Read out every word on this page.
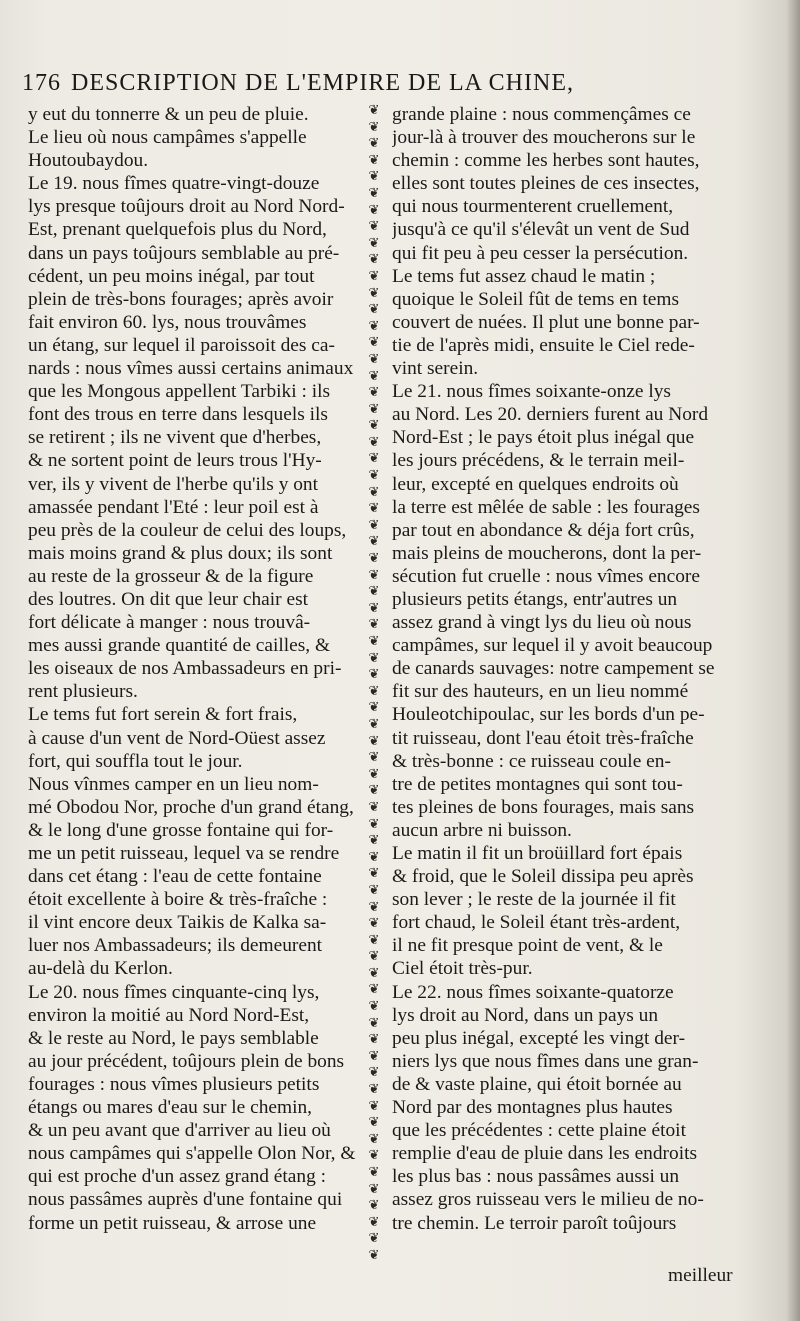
176 DESCRIPTION DE L'EMPIRE DE LA CHINE,
y eut du tonnerre & un peu de pluie.
Le lieu où nous campâmes s'appelle
Houtoubaydou.
Le 19. nous fîmes quatre-vingt-douze
lys presque toûjours droit au Nord Nord-
Est, prenant quelquefois plus du Nord,
dans un pays toûjours semblable au pré-
cédent, un peu moins inégal, par tout
plein de très-bons fourages; après avoir
fait environ 60. lys, nous trouvâmes
un étang, sur lequel il paroissoit des ca-
nards : nous vîmes aussi certains animaux
que les Mongous appellent Tarbiki : ils
font des trous en terre dans lesquels ils
se retirent ; ils ne vivent que d'herbes,
& ne sortent point de leurs trous l'Hy-
ver, ils y vivent de l'herbe qu'ils y ont
amassée pendant l'Eté : leur poil est à
peu près de la couleur de celui des loups,
mais moins grand & plus doux; ils sont
au reste de la grosseur & de la figure
des loutres. On dit que leur chair est
fort délicate à manger : nous trouvâ-
mes aussi grande quantité de cailles, &
les oiseaux de nos Ambassadeurs en pri-
rent plusieurs.
Le tems fut fort serein & fort frais,
à cause d'un vent de Nord-Oüest assez
fort, qui souffla tout le jour.
Nous vînmes camper en un lieu nom-
mé Obodou Nor, proche d'un grand étang,
& le long d'une grosse fontaine qui for-
me un petit ruisseau, lequel va se rendre
dans cet étang : l'eau de cette fontaine
étoit excellente à boire & très-fraîche :
il vint encore deux Taikis de Kalka sa-
luer nos Ambassadeurs; ils demeurent
au-delà du Kerlon.
Le 20. nous fîmes cinquante-cinq lys,
environ la moitié au Nord Nord-Est,
& le reste au Nord, le pays semblable
au jour précédent, toûjours plein de bons
fourages : nous vîmes plusieurs petits
étangs ou mares d'eau sur le chemin,
& un peu avant que d'arriver au lieu où
nous campâmes qui s'appelle Olon Nor, &
qui est proche d'un assez grand étang :
nous passâmes auprès d'une fontaine qui
forme un petit ruisseau, & arrose une
❦
❦
❦
❦
❦
❦
❦
❦
❦
❦
❦
❦
❦
❦
❦
❦
❦
❦
❦
❦
❦
❦
❦
❦
❦
❦
❦
❦
❦
❦
❦
❦
❦
❦
❦
❦
❦
❦
❦
❦
❦
❦
❦
❦
❦
❦
❦
❦
❦
❦
❦
❦
❦
❦
❦
❦
❦
❦
❦
❦
❦
❦
❦
❦
❦
❦
❦
❦
❦
❦
grande plaine : nous commençâmes ce
jour-là à trouver des moucherons sur le
chemin : comme les herbes sont hautes,
elles sont toutes pleines de ces insectes,
qui nous tourmenterent cruellement,
jusqu'à ce qu'il s'élevât un vent de Sud
qui fit peu à peu cesser la persécution.
Le tems fut assez chaud le matin ;
quoique le Soleil fût de tems en tems
couvert de nuées. Il plut une bonne par-
tie de l'après midi, ensuite le Ciel rede-
vint serein.
Le 21. nous fîmes soixante-onze lys
au Nord. Les 20. derniers furent au Nord
Nord-Est ; le pays étoit plus inégal que
les jours précédens, & le terrain meil-
leur, excepté en quelques endroits où
la terre est mêlée de sable : les fourages
par tout en abondance & déja fort crûs,
mais pleins de moucherons, dont la per-
sécution fut cruelle : nous vîmes encore
plusieurs petits étangs, entr'autres un
assez grand à vingt lys du lieu où nous
campâmes, sur lequel il y avoit beaucoup
de canards sauvages: notre campement se
fit sur des hauteurs, en un lieu nommé
Houleotchipoulac, sur les bords d'un pe-
tit ruisseau, dont l'eau étoit très-fraîche
& très-bonne : ce ruisseau coule en-
tre de petites montagnes qui sont tou-
tes pleines de bons fourages, mais sans
aucun arbre ni buisson.
Le matin il fit un broüillard fort épais
& froid, que le Soleil dissipa peu après
son lever ; le reste de la journée il fit
fort chaud, le Soleil étant très-ardent,
il ne fit presque point de vent, & le
Ciel étoit très-pur.
Le 22. nous fîmes soixante-quatorze
lys droit au Nord, dans un pays un
peu plus inégal, excepté les vingt der-
niers lys que nous fîmes dans une gran-
de & vaste plaine, qui étoit bornée au
Nord par des montagnes plus hautes
que les précédentes : cette plaine étoit
remplie d'eau de pluie dans les endroits
les plus bas : nous passâmes aussi un
assez gros ruisseau vers le milieu de no-
tre chemin. Le terroir paroît toûjours
meilleur
